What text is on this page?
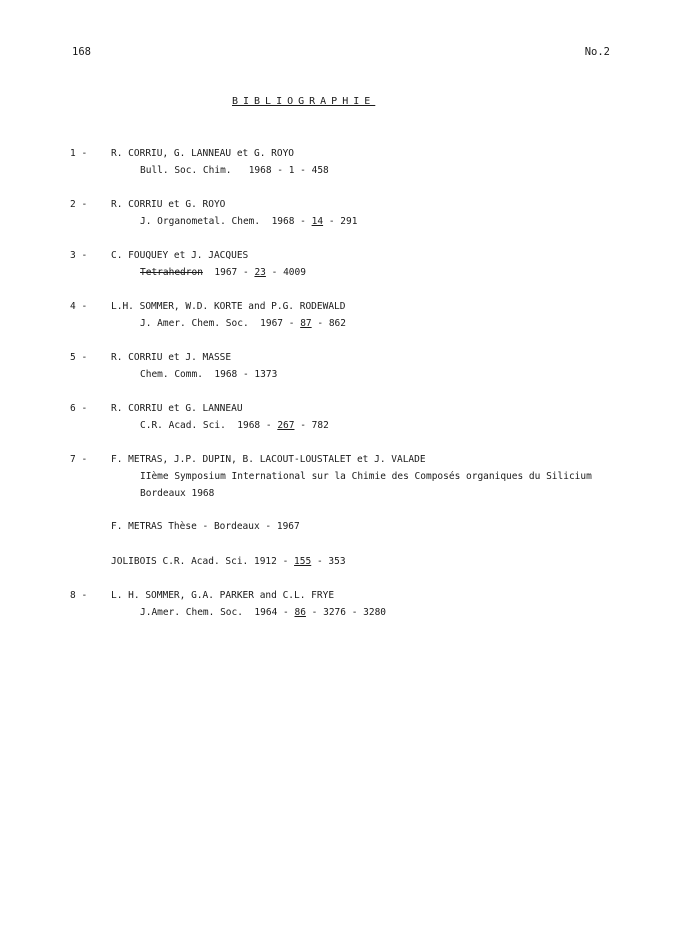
168	No.2
BIBLIOGRAPHIE
1 -	R. CORRIU, G. LANNEAU et G. ROYO
Bull. Soc. Chim. 1968 - 1 - 458
2 -	R. CORRIU et G. ROYO
J. Organometal. Chem. 1968 - 14 - 291
3 -	C. FOUQUEY et J. JACQUES
Tetrahedron 1967 - 23 - 4009
4 -	L.H. SOMMER, W.D. KORTE and P.G. RODEWALD
J. Amer. Chem. Soc. 1967 - 87 - 862
5 -	R. CORRIU et J. MASSE
Chem. Comm. 1968 - 1373
6 -	R. CORRIU et G. LANNEAU
C.R. Acad. Sci. 1968 - 267 - 782
7 -	F. METRAS, J.P. DUPIN, B. LACOUT-LOUSTALET et J. VALADE
IIème Symposium International sur la Chimie des Composés organiques du Silicium
Bordeaux 1968
F. METRAS Thèse - Bordeaux - 1967
JOLIBOIS C.R. Acad. Sci. 1912 - 155 - 353
8 -	L. H. SOMMER, G.A. PARKER and C.L. FRYE
J.Amer. Chem. Soc. 1964 - 86 - 3276 - 3280
